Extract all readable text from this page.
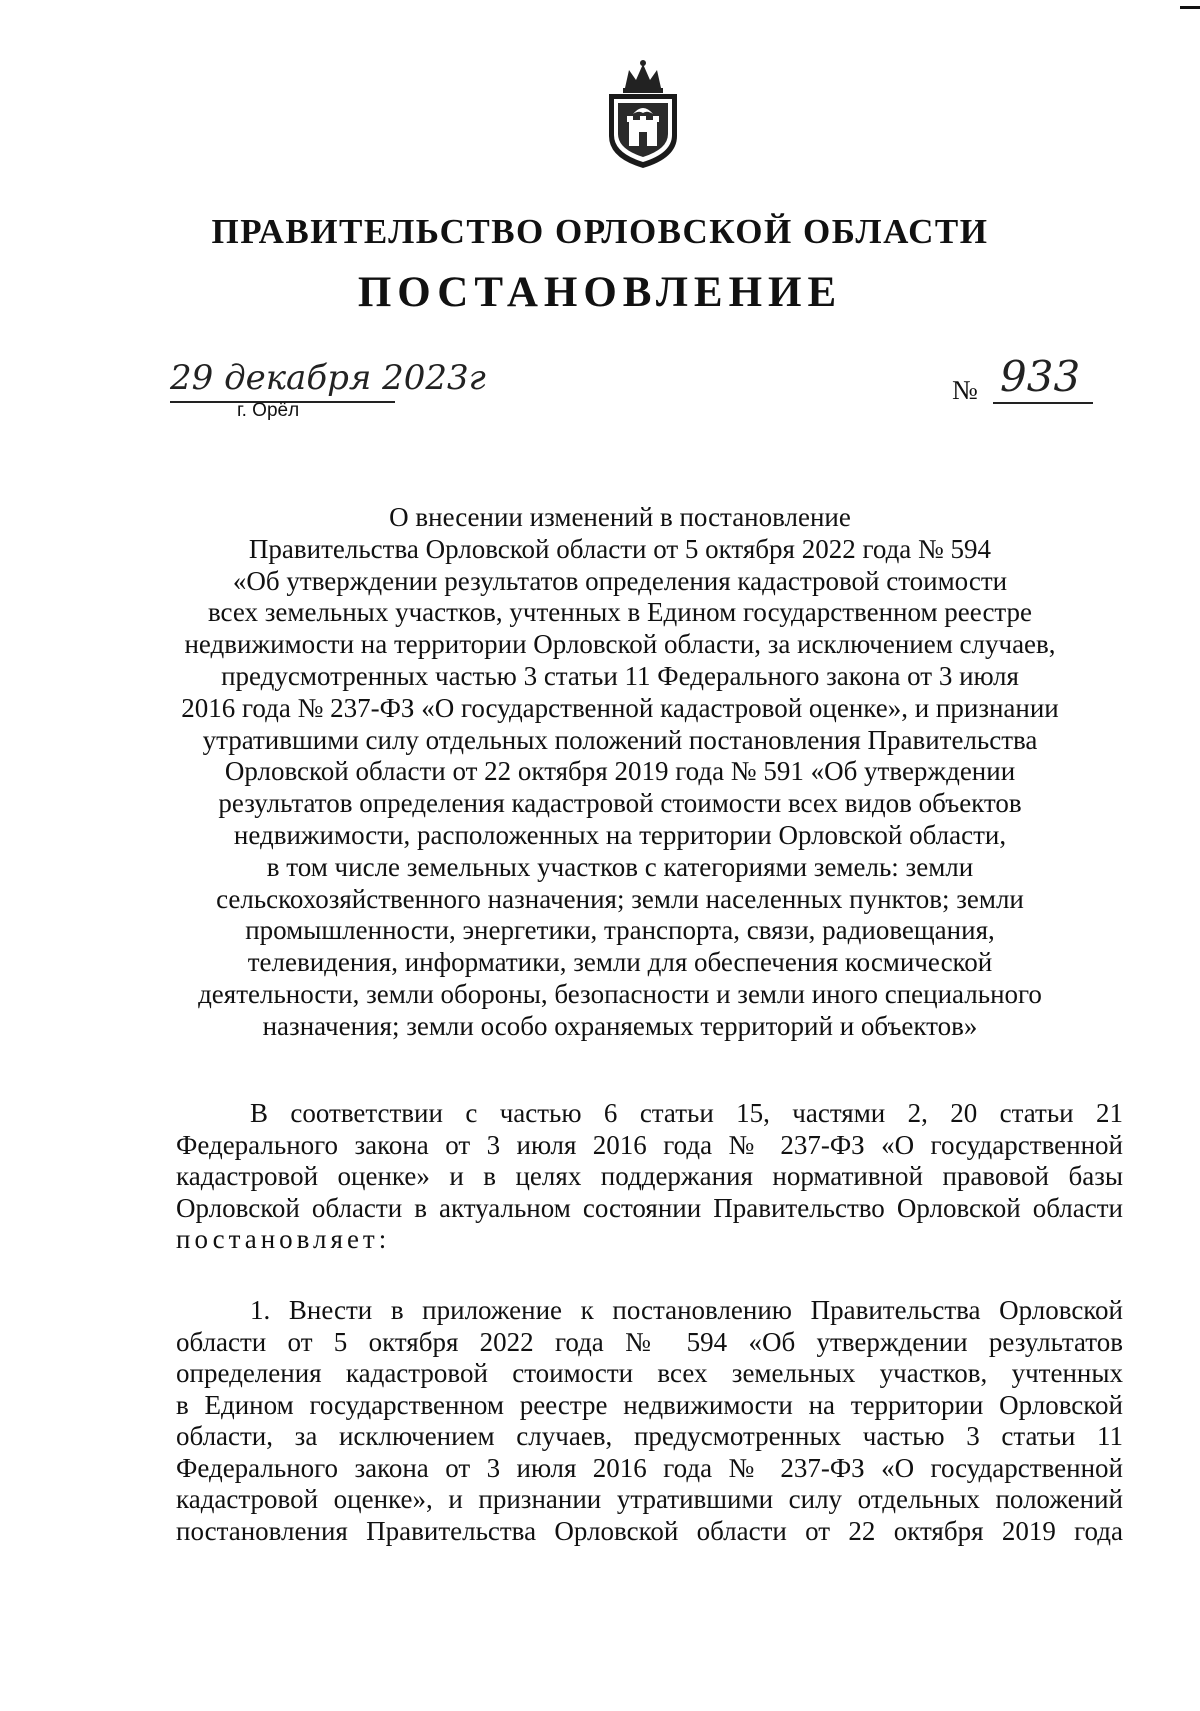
ПРАВИТЕЛЬСТВО ОРЛОВСКОЙ ОБЛАСТИ
ПОСТАНОВЛЕНИЕ
29 декабря 2023г
г. Орёл
№ 933
О внесении изменений в постановление
Правительства Орловской области от 5 октября 2022 года № 594
«Об утверждении результатов определения кадастровой стоимости
всех земельных участков, учтенных в Едином государственном реестре
недвижимости на территории Орловской области, за исключением случаев,
предусмотренных частью 3 статьи 11 Федерального закона от 3 июля
2016 года № 237-ФЗ «О государственной кадастровой оценке», и признании
утратившими силу отдельных положений постановления Правительства
Орловской области от 22 октября 2019 года № 591 «Об утверждении
результатов определения кадастровой стоимости всех видов объектов
недвижимости, расположенных на территории Орловской области,
в том числе земельных участков с категориями земель: земли
сельскохозяйственного назначения; земли населенных пунктов; земли
промышленности, энергетики, транспорта, связи, радиовещания,
телевидения, информатики, земли для обеспечения космической
деятельности, земли обороны, безопасности и земли иного специального
назначения; земли особо охраняемых территорий и объектов»
В соответствии с частью 6 статьи 15, частями 2, 20 статьи 21
Федерального закона от 3 июля 2016 года № 237-ФЗ «О государственной
кадастровой оценке» и в целях поддержания нормативной правовой базы
Орловской области в актуальном состоянии Правительство Орловской области
постановляет:
1. Внести в приложение к постановлению Правительства Орловской
области от 5 октября 2022 года № 594 «Об утверждении результатов
определения кадастровой стоимости всех земельных участков, учтенных
в Едином государственном реестре недвижимости на территории Орловской
области, за исключением случаев, предусмотренных частью 3 статьи 11
Федерального закона от 3 июля 2016 года № 237-ФЗ «О государственной
кадастровой оценке», и признании утратившими силу отдельных положений
постановления Правительства Орловской области от 22 октября 2019 года
